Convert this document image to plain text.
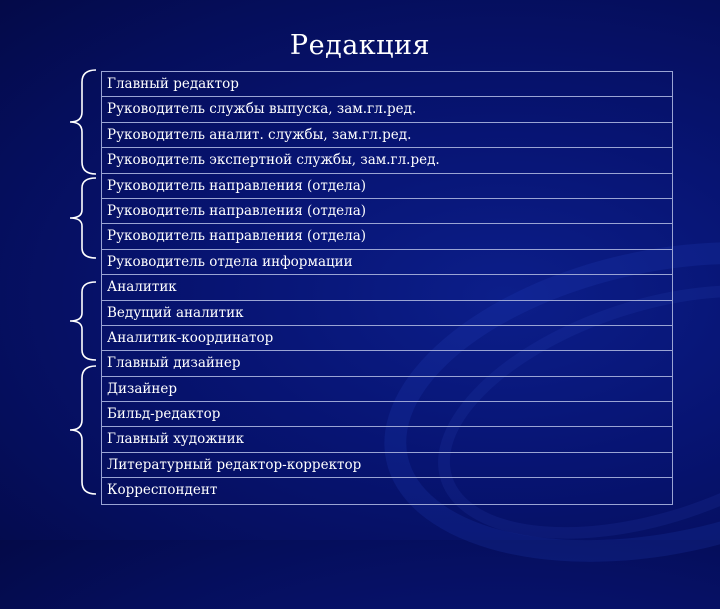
Редакция
Главный редактор
Руководитель службы выпуска, зам.гл.ред.
Руководитель аналит. службы, зам.гл.ред.
Руководитель экспертной службы, зам.гл.ред.
Руководитель направления (отдела)
Руководитель направления (отдела)
Руководитель направления (отдела)
Руководитель отдела информации
Аналитик
Ведущий аналитик
Аналитик-координатор
Главный дизайнер
Дизайнер
Бильд-редактор
Главный художник
Литературный редактор-корректор
Корреспондент
